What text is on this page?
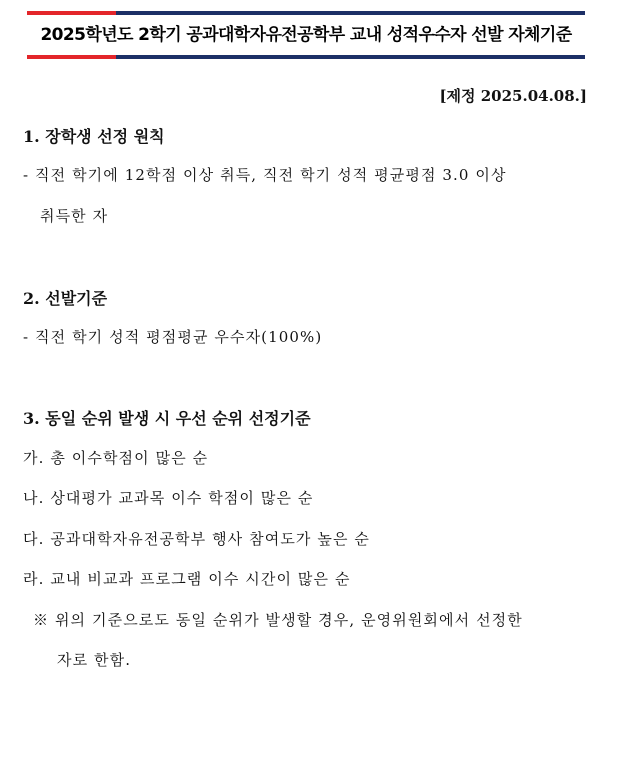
2025학년도 2학기 공과대학자유전공학부 교내 성적우수자 선발 자체기준
[제정 2025.04.08.]
1. 장학생 선정 원칙
- 직전 학기에 12학점 이상 취득, 직전 학기 성적 평균평점 3.0 이상
취득한 자
2. 선발기준
- 직전 학기 성적 평점평균 우수자(100%)
3. 동일 순위 발생 시 우선 순위 선정기준
가. 총 이수학점이 많은 순
나. 상대평가 교과목 이수 학점이 많은 순
다. 공과대학자유전공학부 행사 참여도가 높은 순
라. 교내 비교과 프로그램 이수 시간이 많은 순
※ 위의 기준으로도 동일 순위가 발생할 경우, 운영위원회에서 선정한
자로 한함.
